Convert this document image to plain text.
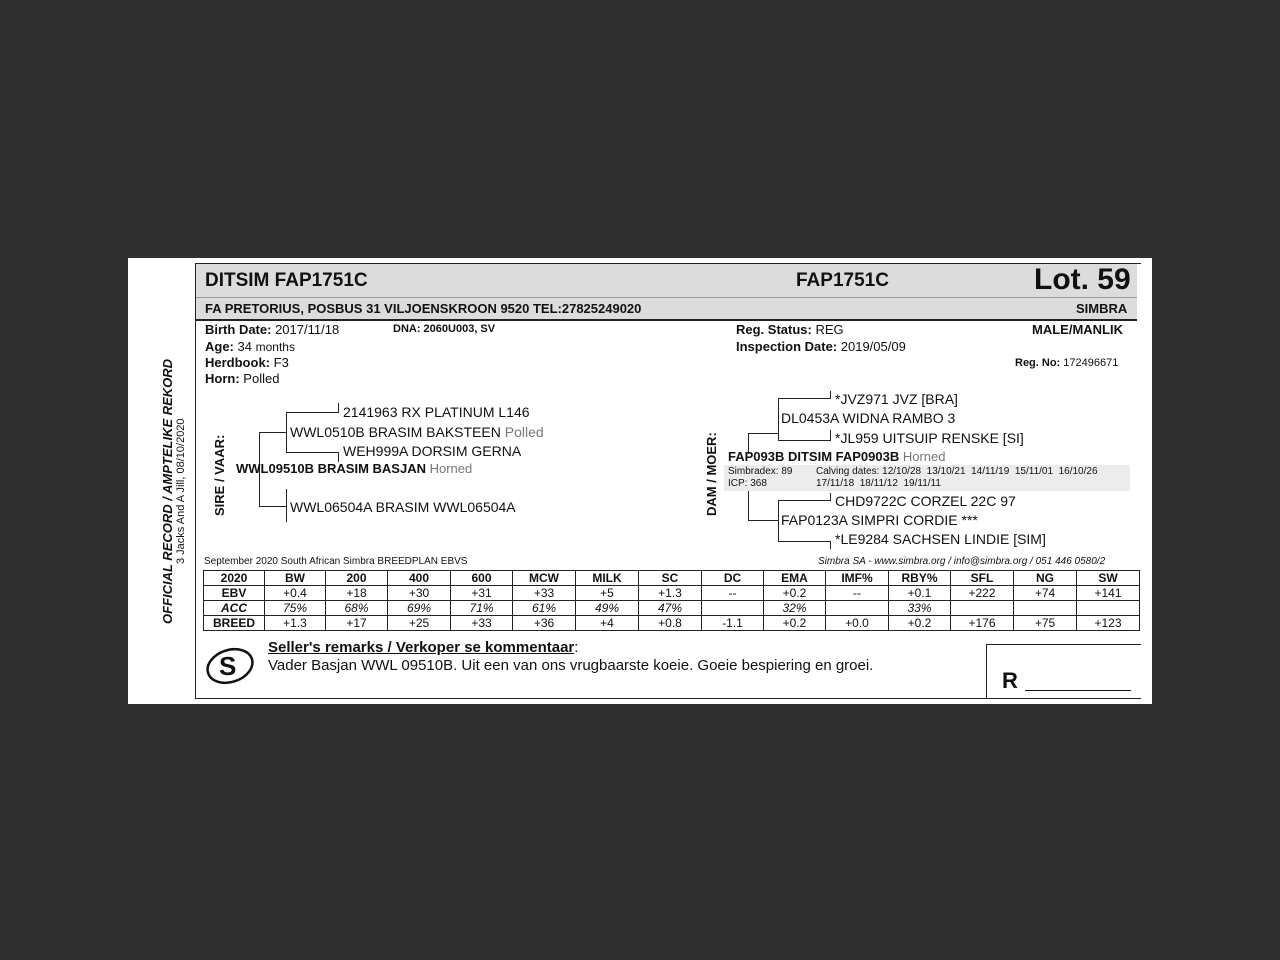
OFFICIAL RECORD / AMPTELIKE REKORD 3 Jacks And A Jill, 08/10/2020
DITSIM FAP1751C	FAP1751C	Lot. 59
FA PRETORIUS, POSBUS 31 VILJOENSKROON 9520 TEL:27825249020	SIMBRA
Birth Date: 2017/11/18	DNA: 2060U003, SV
Age: 34 months
Herdbook: F3
Horn: Polled
Reg. Status: REG
Inspection Date: 2019/05/09
MALE/MANLIK
Reg. No: 172496671
SIRE / VAAR:
2141963 RX PLATINUM L146
WWL0510B BRASIM BAKSTEEN Polled
WEH999A DORSIM GERNA
WWL09510B BRASIM BASJAN Horned
WWL06504A BRASIM WWL06504A	DAM / MOER:
*JVZ971 JVZ [BRA]
DL0453A WIDNA RAMBO 3
*JL959 UITSUIP RENSKE [SI]
FAP093B DITSIM FAP0903B Horned
Simbradex: 89
ICP: 368
Calving dates: 12/10/28  13/10/21  14/11/19  15/11/01  16/10/26
17/11/18  18/11/12  19/11/11
CHD9722C CORZEL 22C 97
FAP0123A SIMPRI CORDIE ***
*LE9284 SACHSEN LINDIE [SIM]
September 2020 South African Simbra BREEDPLAN EBVS	Simbra SA - www.simbra.org / info@simbra.org / 051 446 0580/2
2020	BW	200	400	600	MCW	MILK	SC	DC	EMA	IMF%	RBY%	SFL	NG	SW
EBV	+0.4	+18	+30	+31	+33	+5	+1.3	--	+0.2	--	+0.1	+222	+74	+141
ACC	75%	68%	69%	71%	61%	49%	47%		32%		33%			
BREED	+1.3	+17	+25	+33	+36	+4	+0.8	-1.1	+0.2	+0.0	+0.2	+176	+75	+123
S
Seller's remarks / Verkoper se kommentaar:
Vader Basjan WWL 09510B. Uit een van ons vrugbaarste koeie. Goeie bespiering en groei.
R
